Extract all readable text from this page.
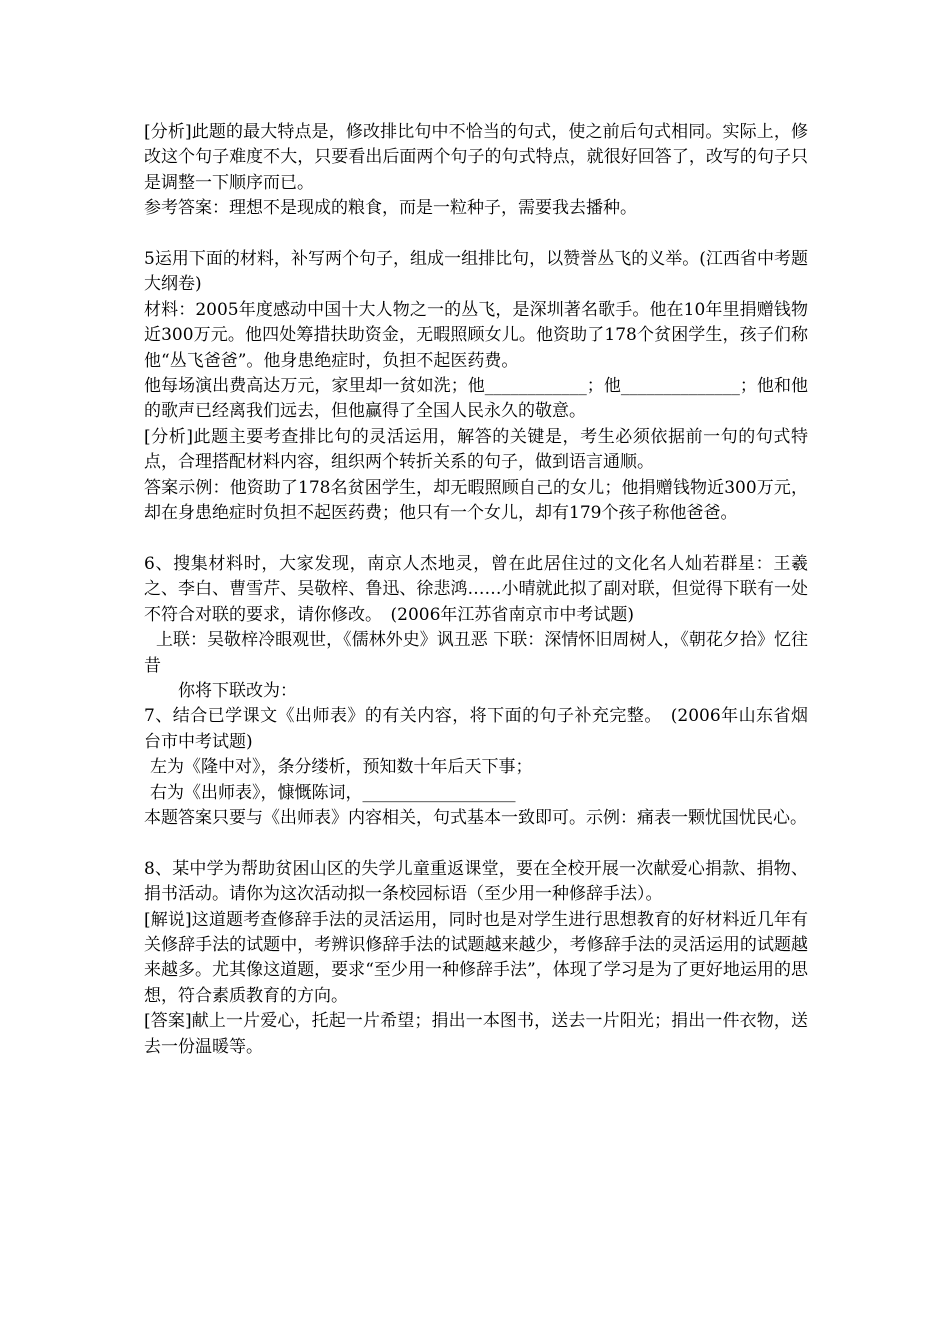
[分析]此题的最大特点是，修改排比句中不恰当的句式，使之前后句式相同。实际上，修改这个句子难度不大，只要看出后面两个句子的句式特点，就很好回答了，改写的句子只是调整一下顺序而已。

参考答案：理想不是现成的粮食，而是一粒种子，需要我去播种。

5运用下面的材料，补写两个句子，组成一组排比句，以赞誉丛飞的义举。(江西省中考题大纲卷)

材料：2005年度感动中国十大人物之一的丛飞，是深圳著名歌手。他在10年里捐赠钱物近300万元。他四处筹措扶助资金，无暇照顾女儿。他资助了178个贫困学生，孩子们称他“丛飞爸爸”。他身患绝症时，负担不起医药费。

他每场演出费高达万元，家里却一贫如洗；他____________；他______________；他和他的歌声已经离我们远去，但他赢得了全国人民永久的敬意。

[分析]此题主要考查排比句的灵活运用，解答的关键是，考生必须依据前一句的句式特点，合理搭配材料内容，组织两个转折关系的句子，做到语言通顺。

答案示例：他资助了178名贫困学生，却无暇照顾自己的女儿；他捐赠钱物近300万元，却在身患绝症时负担不起医药费；他只有一个女儿，却有179个孩子称他爸爸。

6、搜集材料时，大家发现，南京人杰地灵，曾在此居住过的文化名人灿若群星：王羲之、李白、曹雪芹、吴敬梓、鲁迅、徐悲鸿……小晴就此拟了副对联，但觉得下联有一处不符合对联的要求，请你修改。　(2006年江苏省南京市中考试题)

上联：吴敬梓冷眼观世，《儒林外史》讽丑恶 下联：深情怀旧周树人，《朝花夕拾》忆往昔

你将下联改为：

7、结合已学课文《出师表》的有关内容，将下面的句子补充完整。　(2006年山东省烟台市中考试题)

左为《隆中对》，条分缕析，预知数十年后天下事；

右为《出师表》，慷慨陈词，__________________

本题答案只要与《出师表》内容相关，句式基本一致即可。示例：痛表一颗忧国忧民心。

8、某中学为帮助贫困山区的失学儿童重返课堂，要在全校开展一次献爱心捐款、捐物、捐书活动。请你为这次活动拟一条校园标语（至少用一种修辞手法）。

[解说]这道题考查修辞手法的灵活运用，同时也是对学生进行思想教育的好材料近几年有关修辞手法的试题中，考辨识修辞手法的试题越来越少，考修辞手法的灵活运用的试题越来越多。尤其像这道题，要求“至少用一种修辞手法”，体现了学习是为了更好地运用的思想，符合素质教育的方向。

[答案]献上一片爱心，托起一片希望；捐出一本图书，送去一片阳光；捐出一件衣物，送去一份温暖等。
